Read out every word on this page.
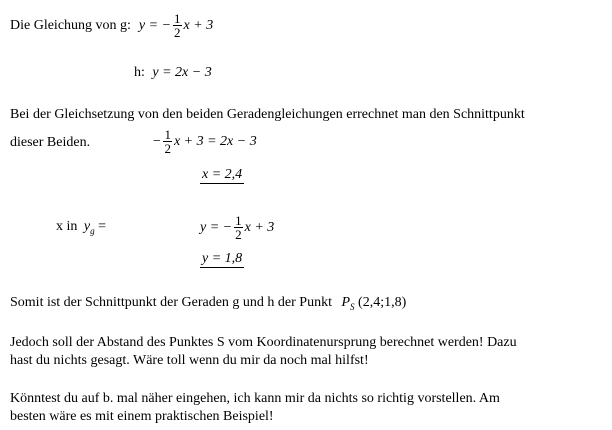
Die Gleichung von g: y = − $\frac{1}{2}$ x + 3
h: y = 2x − 3
Bei der Gleichsetzung von den beiden Geradengleichungen errechnet man den Schnittpunkt
dieser Beiden.	− $\frac{1}{2}$ x + 3 = 2x − 3
x = 2,4
x in $y_g$ =	y = − $\frac{1}{2}$ x + 3
y = 1,8
Somit ist der Schnittpunkt der Geraden g und h der Punkt $P_S$ (2,4;1,8)
Jedoch soll der Abstand des Punktes S vom Koordinatenursprung berechnet werden! Dazu
hast du nichts gesagt. Wäre toll wenn du mir da noch mal hilfst!
Könntest du auf b. mal näher eingehen, ich kann mir da nichts so richtig vorstellen. Am
besten wäre es mit einem praktischen Beispiel!
